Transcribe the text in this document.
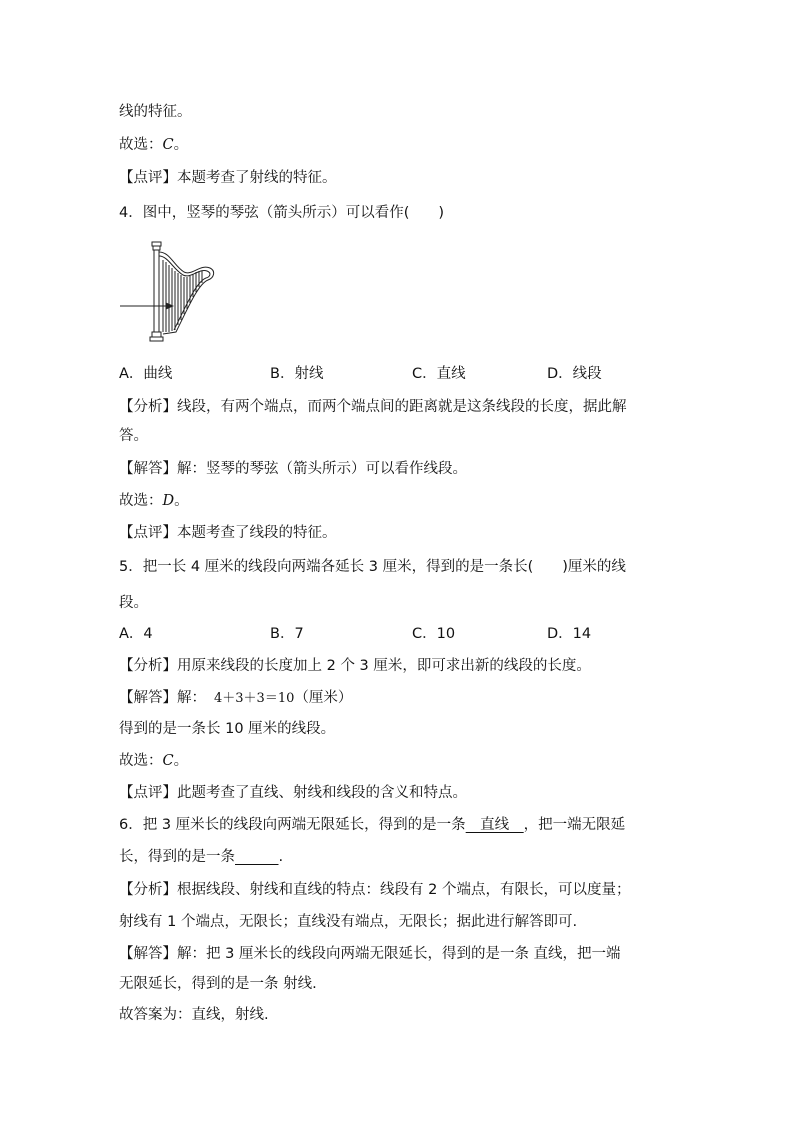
线的特征。
故选：C。
【点评】本题考查了射线的特征。
4．图中，竖琴的琴弦（箭头所示）可以看作(　　)
A．曲线	B．射线	C．直线	D．线段
【分析】线段，有两个端点，而两个端点间的距离就是这条线段的长度，据此解
答。
【解答】解：竖琴的琴弦（箭头所示）可以看作线段。
故选：D。
【点评】本题考查了线段的特征。
5．把一长 4 厘米的线段向两端各延长 3 厘米，得到的是一条长(　　)厘米的线
段。
A．4	B．7	C．10	D．14
【分析】用原来线段的长度加上 2 个 3 厘米，即可求出新的线段的长度。
【解答】解： 4＋3＋3＝10（厘米）
得到的是一条长 10 厘米的线段。
故选：C。
【点评】此题考查了直线、射线和线段的含义和特点。
6．把 3 厘米长的线段向两端无限延长，得到的是一条　直线　，把一端无限延
长，得到的是一条　　　	.
【分析】根据线段、射线和直线的特点：线段有 2 个端点，有限长，可以度量；
射线有 1 个端点，无限长；直线没有端点，无限长；据此进行解答即可.
【解答】解：把 3 厘米长的线段向两端无限延长，得到的是一条 直线，把一端
无限延长，得到的是一条 射线.
故答案为：直线，射线.
